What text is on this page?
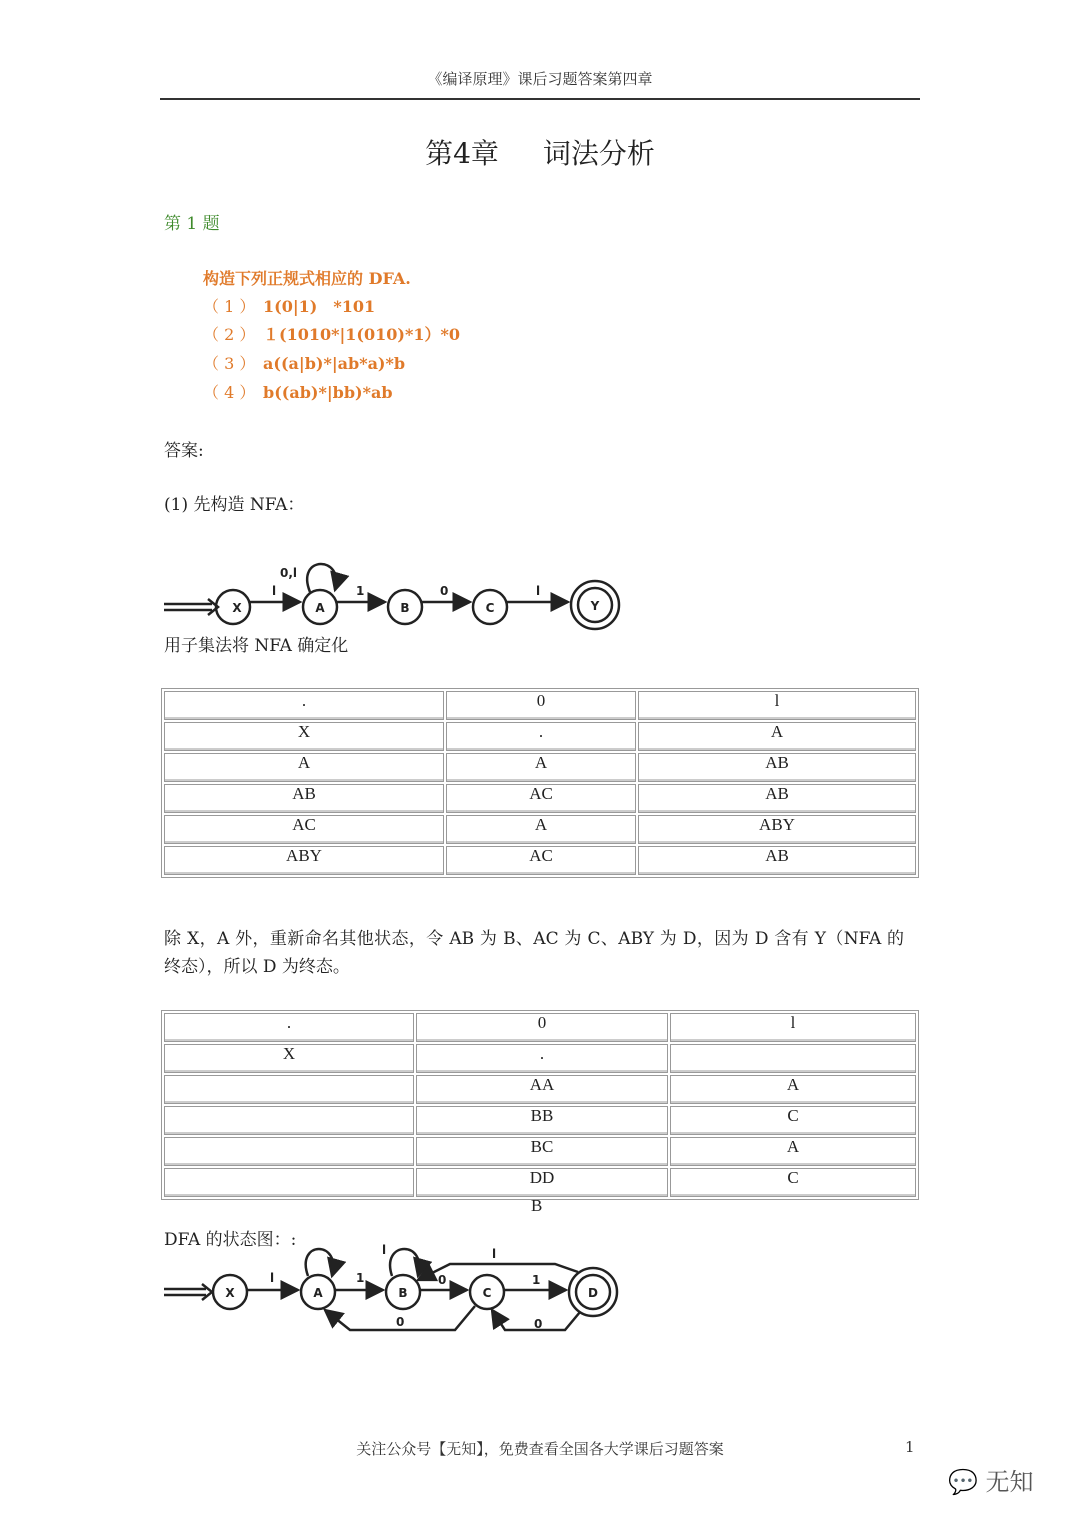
《编译原理》课后习题答案第四章
第4章 词法分析
第 1 题
构造下列正规式相应的 DFA.
（ 1 ） 1(0|1)　*101
（ 2 ） １(1010*|1(010)*1）*0
（ 3 ） a((a|b)*|ab*a)*b
（ 4 ） b((ab)*|bb)*ab
答案:
(1) 先构造 NFA：
X	A	B	C	Y
l
0,l
1	0	l
用子集法将 NFA 确定化
.	0	l
X	.	A
A	A	AB
AB	AC	AB
AC	A	ABY
ABY	AC	AB
除 X，A 外，重新命名其他状态，令 AB 为 B、AC 为 C、ABY 为 D，因为 D 含有 Y（NFA 的终态），所以 D 为终态。
.	0	l
X	.	
	AA	A
	BB	C
	BC	A
	DD	C
B
DFA 的状态图：:
X	A	B	C	D
l	1	0	1
l
0	0
l
关注公众号【无知】，免费查看全国各大学课后习题答案	1
💬 无知
